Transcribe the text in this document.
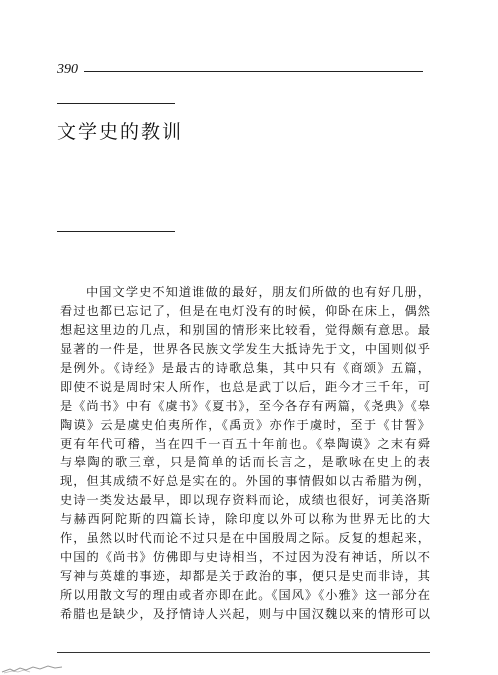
390
文学史的教训
中国文学史不知道谁做的最好，朋友们所做的也有好几册，
看过也都已忘记了，但是在电灯没有的时候，仰卧在床上，偶然
想起这里边的几点，和别国的情形来比较看，觉得颇有意思。最
显著的一件是，世界各民族文学发生大抵诗先于文，中国则似乎
是例外。《诗经》是最古的诗歌总集，其中只有《商颂》五篇，
即使不说是周时宋人所作，也总是武丁以后，距今才三千年，可
是《尚书》中有《虞书》《夏书》，至今各存有两篇，《尧典》《皋
陶谟》云是虞史伯夷所作，《禹贡》亦作于虞时，至于《甘誓》
更有年代可稽，当在四千一百五十年前也。《皋陶谟》之末有舜
与皋陶的歌三章，只是简单的话而长言之，是歌咏在史上的表
现，但其成绩不好总是实在的。外国的事情假如以古希腊为例，
史诗一类发达最早，即以现存资料而论，成绩也很好，诃美洛斯
与赫西阿陀斯的四篇长诗，除印度以外可以称为世界无比的大
作，虽然以时代而论不过只是在中国殷周之际。反复的想起来，
中国的《尚书》仿佛即与史诗相当，不过因为没有神话，所以不
写神与英雄的事迹，却都是关于政治的事，便只是史而非诗，其
所以用散文写的理由或者亦即在此。《国风》《小雅》这一部分在
希腊也是缺少，及抒情诗人兴起，则与中国汉魏以来的情形可以
